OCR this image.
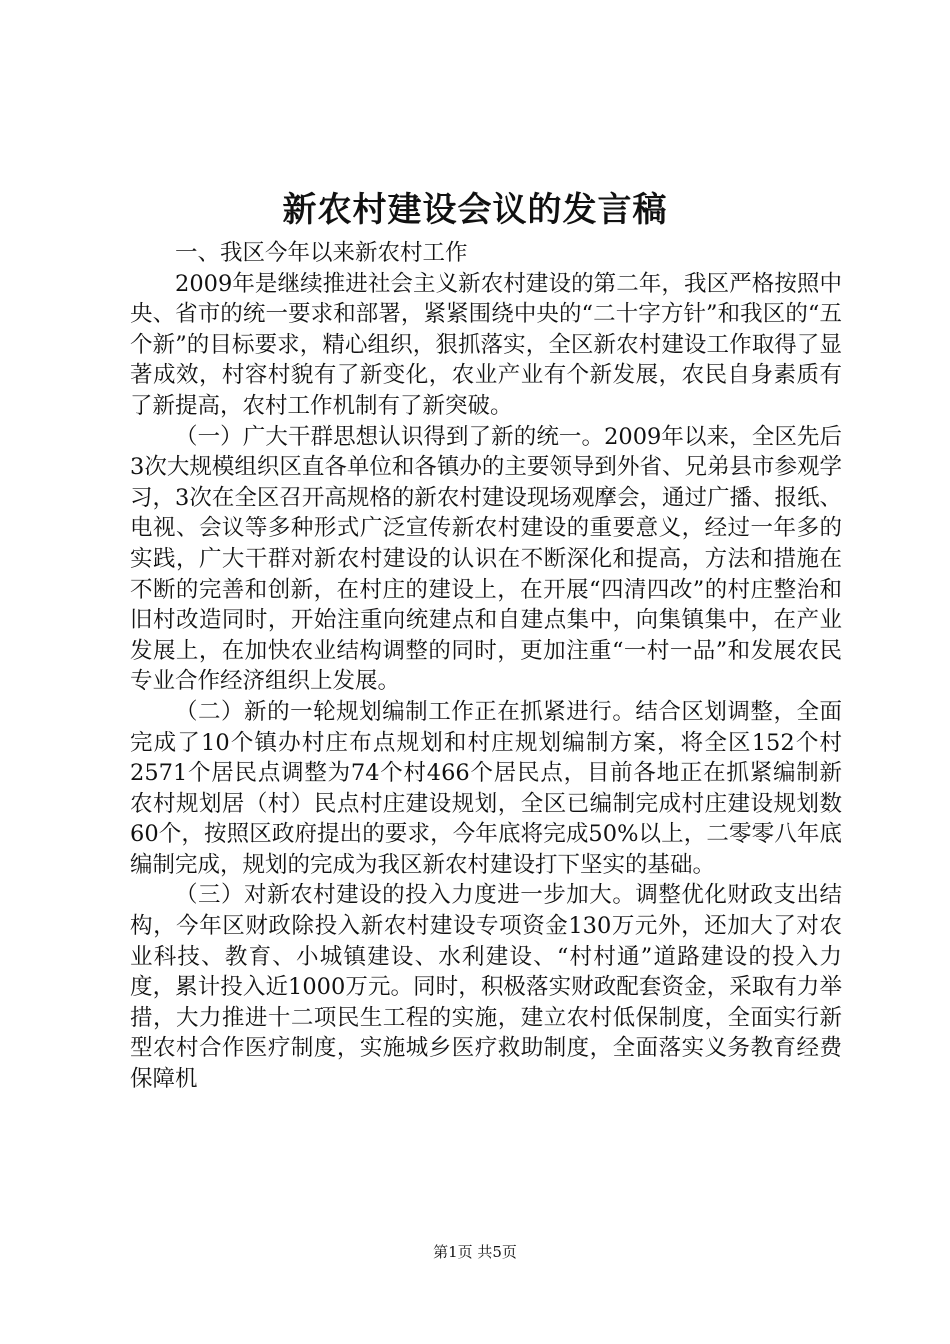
新农村建设会议的发言稿

一、我区今年以来新农村工作

2009年是继续推进社会主义新农村建设的第二年，我区严格按照中央、省市的统一要求和部署，紧紧围绕中央的“二十字方针”和我区的“五个新”的目标要求，精心组织，狠抓落实，全区新农村建设工作取得了显著成效，村容村貌有了新变化，农业产业有个新发展，农民自身素质有了新提高，农村工作机制有了新突破。

（一）广大干群思想认识得到了新的统一。2009年以来，全区先后3次大规模组织区直各单位和各镇办的主要领导到外省、兄弟县市参观学习，3次在全区召开高规格的新农村建设现场观摩会，通过广播、报纸、电视、会议等多种形式广泛宣传新农村建设的重要意义，经过一年多的实践，广大干群对新农村建设的认识在不断深化和提高，方法和措施在不断的完善和创新，在村庄的建设上，在开展“四清四改”的村庄整治和旧村改造同时，开始注重向统建点和自建点集中，向集镇集中，在产业发展上，在加快农业结构调整的同时，更加注重“一村一品”和发展农民专业合作经济组织上发展。

（二）新的一轮规划编制工作正在抓紧进行。结合区划调整，全面完成了10个镇办村庄布点规划和村庄规划编制方案，将全区152个村2571个居民点调整为74个村466个居民点，目前各地正在抓紧编制新农村规划居（村）民点村庄建设规划，全区已编制完成村庄建设规划数60个，按照区政府提出的要求，今年底将完成50%以上，二零零八年底编制完成，规划的完成为我区新农村建设打下坚实的基础。

（三）对新农村建设的投入力度进一步加大。调整优化财政支出结构，今年区财政除投入新农村建设专项资金130万元外，还加大了对农业科技、教育、小城镇建设、水利建设、“村村通”道路建设的投入力度，累计投入近1000万元。同时，积极落实财政配套资金，采取有力举措，大力推进十二项民生工程的实施，建立农村低保制度，全面实行新型农村合作医疗制度，实施城乡医疗救助制度，全面落实义务教育经费保障机

第1页 共5页
